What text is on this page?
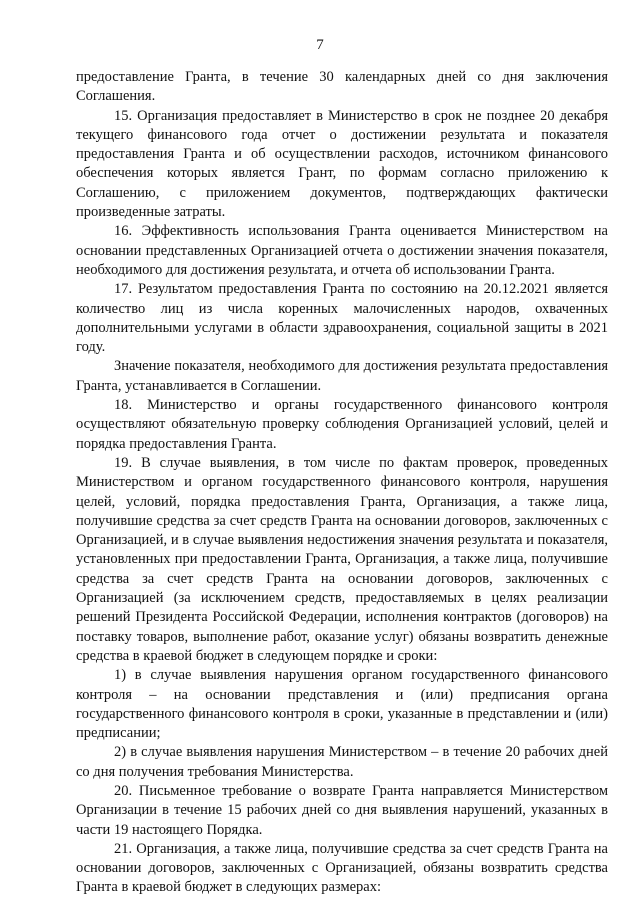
7

предоставление Гранта, в течение 30 календарных дней со дня заключения Соглашения.

15. Организация предоставляет в Министерство в срок не позднее 20 декабря текущего финансового года отчет о достижении результата и показателя предоставления Гранта и об осуществлении расходов, источником финансового обеспечения которых является Грант, по формам согласно приложению к Соглашению, с приложением документов, подтверждающих фактически произведенные затраты.

16. Эффективность использования Гранта оценивается Министерством на основании представленных Организацией отчета о достижении значения показателя, необходимого для достижения результата, и отчета об использовании Гранта.

17. Результатом предоставления Гранта по состоянию на 20.12.2021 является количество лиц из числа коренных малочисленных народов, охваченных дополнительными услугами в области здравоохранения, социальной защиты в 2021 году.

Значение показателя, необходимого для достижения результата предоставления Гранта, устанавливается в Соглашении.

18. Министерство и органы государственного финансового контроля осуществляют обязательную проверку соблюдения Организацией условий, целей и порядка предоставления Гранта.

19. В случае выявления, в том числе по фактам проверок, проведенных Министерством и органом государственного финансового контроля, нарушения целей, условий, порядка предоставления Гранта, Организация, а также лица, получившие средства за счет средств Гранта на основании договоров, заключенных с Организацией, и в случае выявления недостижения значения результата и показателя, установленных при предоставлении Гранта, Организация, а также лица, получившие средства за счет средств Гранта на основании договоров, заключенных с Организацией (за исключением средств, предоставляемых в целях реализации решений Президента Российской Федерации, исполнения контрактов (договоров) на поставку товаров, выполнение работ, оказание услуг) обязаны возвратить денежные средства в краевой бюджет в следующем порядке и сроки:

1) в случае выявления нарушения органом государственного финансового контроля – на основании представления и (или) предписания органа государственного финансового контроля в сроки, указанные в представлении и (или) предписании;

2) в случае выявления нарушения Министерством – в течение 20 рабочих дней со дня получения требования Министерства.

20. Письменное требование о возврате Гранта направляется Министерством Организации в течение 15 рабочих дней со дня выявления нарушений, указанных в части 19 настоящего Порядка.

21. Организация, а также лица, получившие средства за счет средств Гранта на основании договоров, заключенных с Организацией, обязаны возвратить средства Гранта в краевой бюджет в следующих размерах:
